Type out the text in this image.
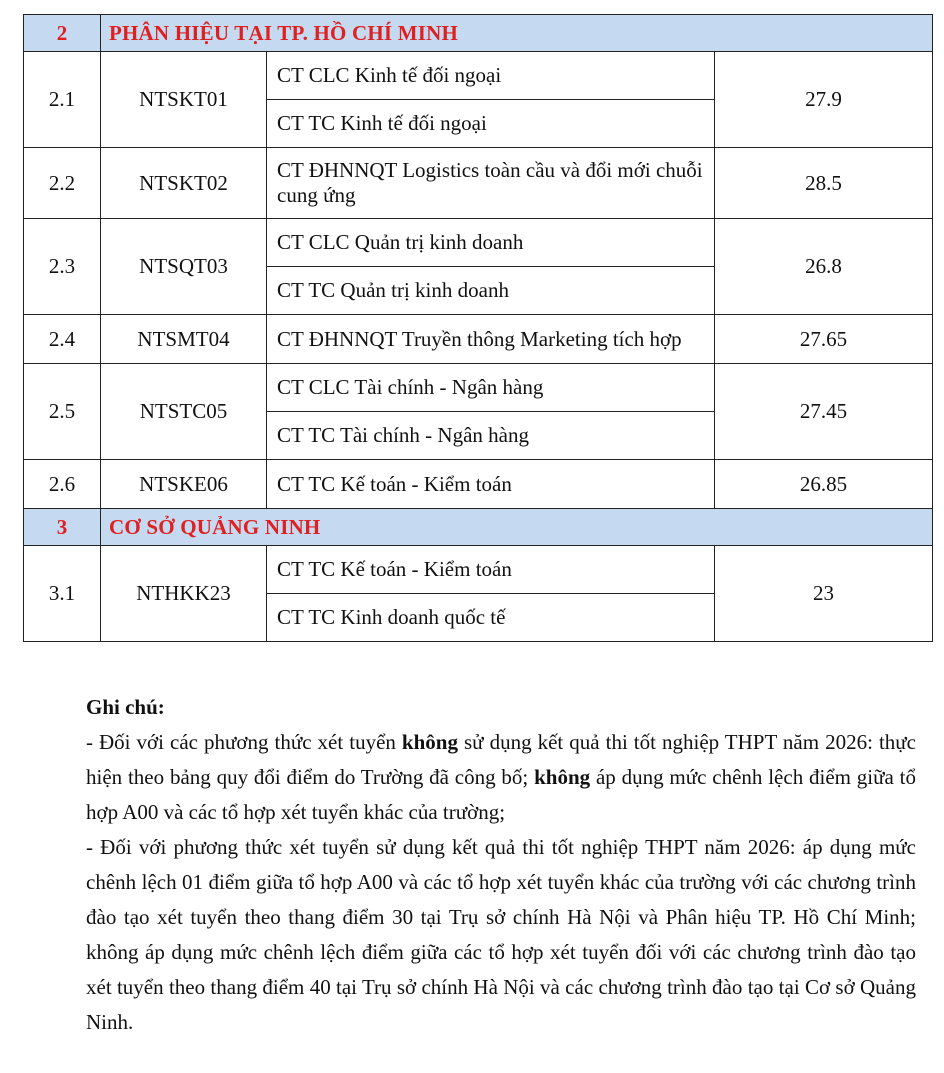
2	PHÂN HIỆU TẠI TP. HỒ CHÍ MINH		
2.1	NTSKT01	CT CLC Kinh tế đối ngoại	27.9
		CT TC Kinh tế đối ngoại	
2.2	NTSKT02	CT ĐHNNQT Logistics toàn cầu và đổi mới chuỗi cung ứng	28.5
2.3	NTSQT03	CT CLC Quản trị kinh doanh	26.8
		CT TC Quản trị kinh doanh	
2.4	NTSMT04	CT ĐHNNQT Truyền thông Marketing tích hợp	27.65
2.5	NTSTC05	CT CLC Tài chính - Ngân hàng	27.45
		CT TC Tài chính - Ngân hàng	
2.6	NTSKE06	CT TC Kế toán - Kiểm toán	26.85
3	CƠ SỞ QUẢNG NINH		
3.1	NTHKK23	CT TC Kế toán - Kiểm toán	23
		CT TC Kinh doanh quốc tế	
Ghi chú:

- Đối với các phương thức xét tuyển không sử dụng kết quả thi tốt nghiệp THPT năm 2026: thực hiện theo bảng quy đổi điểm do Trường đã công bố; không áp dụng mức chênh lệch điểm giữa tổ hợp A00 và các tổ hợp xét tuyển khác của trường;

- Đối với phương thức xét tuyển sử dụng kết quả thi tốt nghiệp THPT năm 2026: áp dụng mức chênh lệch 01 điểm giữa tổ hợp A00 và các tổ hợp xét tuyển khác của trường với các chương trình đào tạo xét tuyển theo thang điểm 30 tại Trụ sở chính Hà Nội và Phân hiệu TP. Hồ Chí Minh; không áp dụng mức chênh lệch điểm giữa các tổ hợp xét tuyển đối với các chương trình đào tạo xét tuyển theo thang điểm 40 tại Trụ sở chính Hà Nội và các chương trình đào tạo tại Cơ sở Quảng Ninh.
